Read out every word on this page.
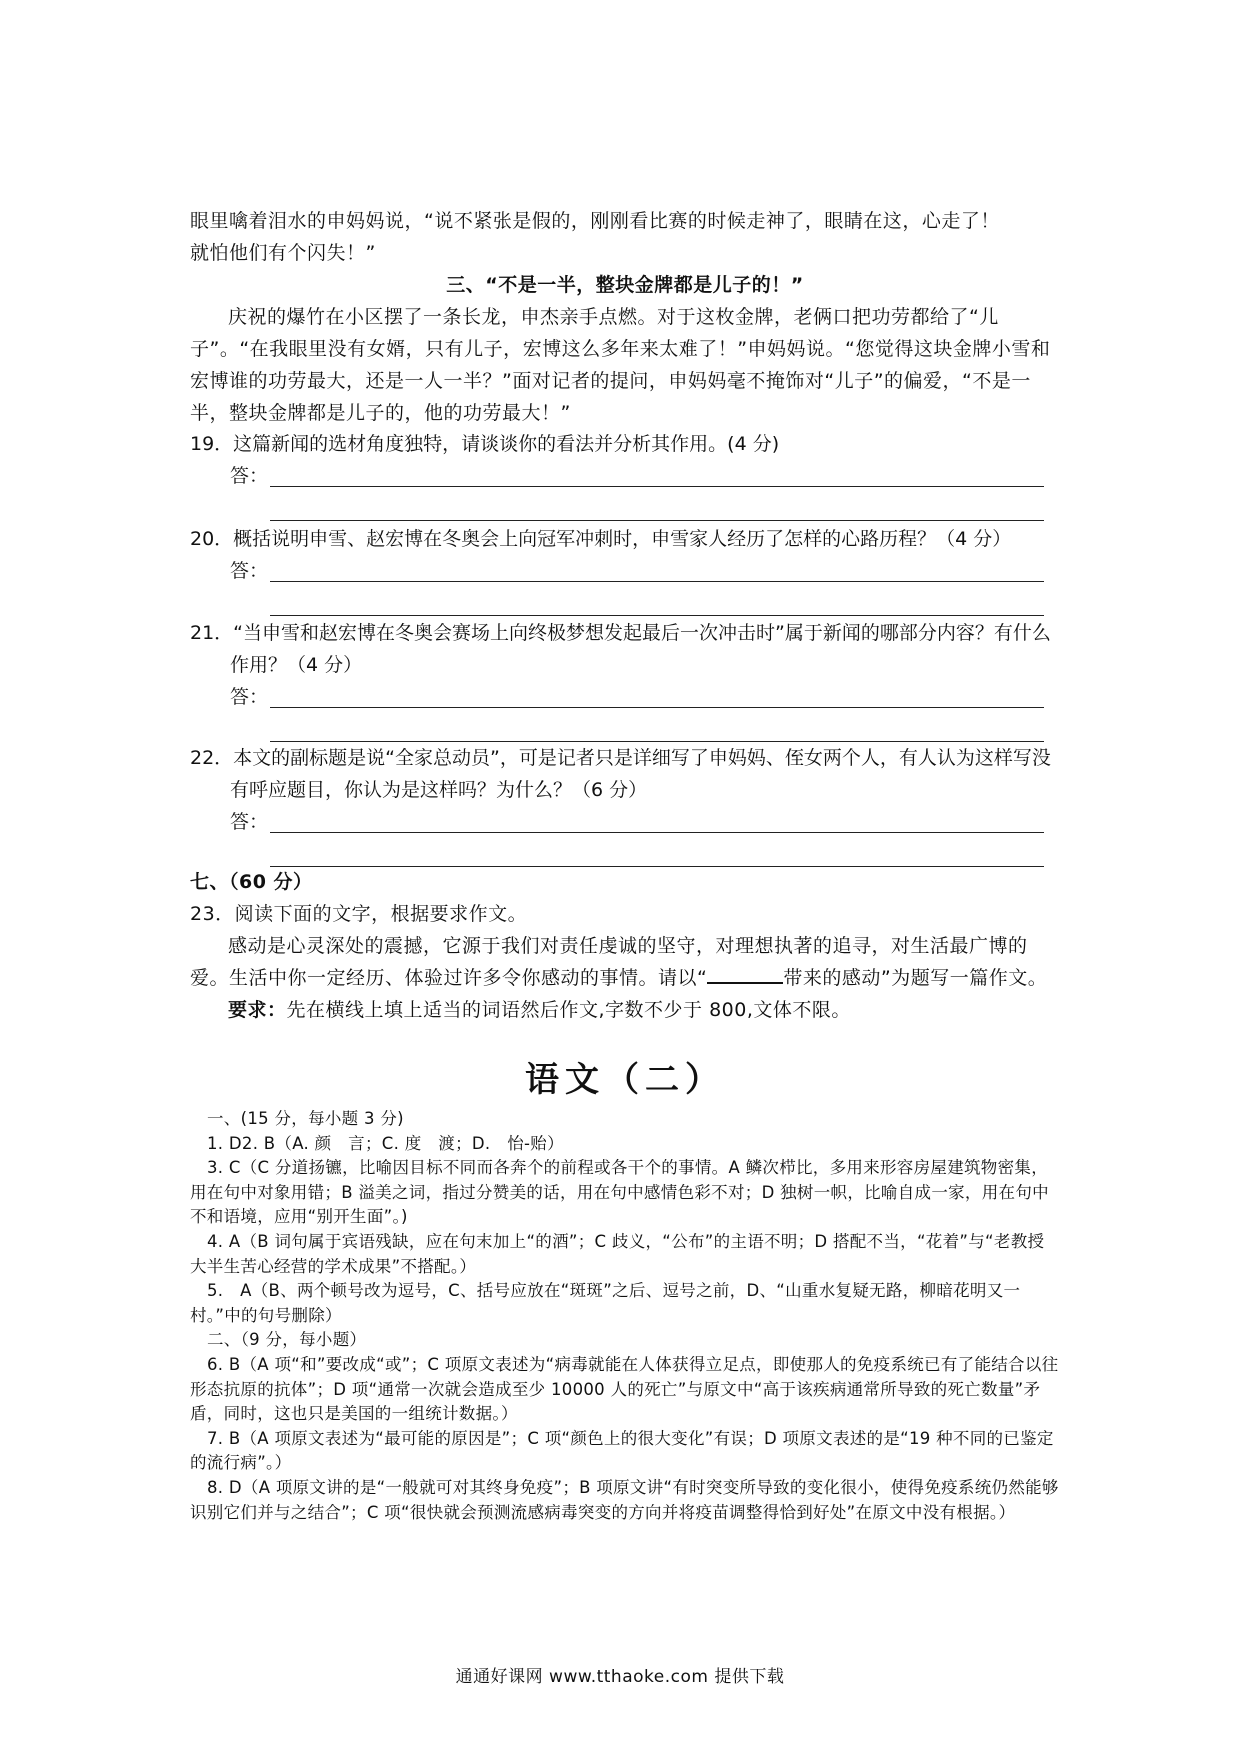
眼里噙着泪水的申妈妈说，“说不紧张是假的，刚刚看比赛的时候走神了，眼睛在这，心走了！

就怕他们有个闪失！”

三、“不是一半，整块金牌都是儿子的！”

庆祝的爆竹在小区摆了一条长龙，申杰亲手点燃。对于这枚金牌，老俩口把功劳都给了“儿子”。“在我眼里没有女婿，只有儿子，宏博这么多年来太难了！”申妈妈说。“您觉得这块金牌小雪和宏博谁的功劳最大，还是一人一半？”面对记者的提问，申妈妈毫不掩饰对“儿子”的偏爱，“不是一半，整块金牌都是儿子的，他的功劳最大！”

19．这篇新闻的选材角度独特，请谈谈你的看法并分析其作用。(4 分)

答：

20．概括说明申雪、赵宏博在冬奥会上向冠军冲刺时，申雪家人经历了怎样的心路历程？（4 分）

答：

21．“当申雪和赵宏博在冬奥会赛场上向终极梦想发起最后一次冲击时”属于新闻的哪部分内容？有什么作用？（4 分）

答：

22．本文的副标题是说“全家总动员”，可是记者只是详细写了申妈妈、侄女两个人，有人认为这样写没有呼应题目，你认为是这样吗？为什么？（6 分）

答：

七、（60 分）

23．阅读下面的文字，根据要求作文。

感动是心灵深处的震撼，它源于我们对责任虔诚的坚守，对理想执著的追寻，对生活最广博的爱。生活中你一定经历、体验过许多令你感动的事情。请以“	带来的感动”为题写一篇作文。

要求：先在横线上填上适当的词语然后作文,字数不少于 800,文体不限。

语文（二）

一、(15 分，每小题 3 分)

1. D2. B（A. 颜　言；C. 度　渡；D.　怡-贻）

3. C（C 分道扬镳，比喻因目标不同而各奔个的前程或各干个的事情。A 鳞次栉比，多用来形容房屋建筑物密集，用在句中对象用错；B 溢美之词，指过分赞美的话，用在句中感情色彩不对；D 独树一帜，比喻自成一家，用在句中不和语境，应用“别开生面”。)

4. A（B 词句属于宾语残缺，应在句末加上“的酒”；C 歧义，“公布”的主语不明；D 搭配不当，“花着”与“老教授大半生苦心经营的学术成果”不搭配。）

5.　A（B、两个顿号改为逗号，C、括号应放在“斑斑”之后、逗号之前，D、“山重水复疑无路，柳暗花明又一村。”中的句号删除）

二、（9 分，每小题）

6. B（A 项“和”要改成“或”；C 项原文表述为“病毒就能在人体获得立足点，即使那人的免疫系统已有了能结合以往形态抗原的抗体”；D 项“通常一次就会造成至少 10000 人的死亡”与原文中“高于该疾病通常所导致的死亡数量”矛盾，同时，这也只是美国的一组统计数据。）

7. B（A 项原文表述为“最可能的原因是”；C 项“颜色上的很大变化”有误；D 项原文表述的是“19 种不同的已鉴定的流行病”。）

8. D（A 项原文讲的是“一般就可对其终身免疫”；B 项原文讲“有时突变所导致的变化很小，使得免疫系统仍然能够识别它们并与之结合”；C 项“很快就会预测流感病毒突变的方向并将疫苗调整得恰到好处”在原文中没有根据。）

通通好课网 www.tthaoke.com 提供下载
